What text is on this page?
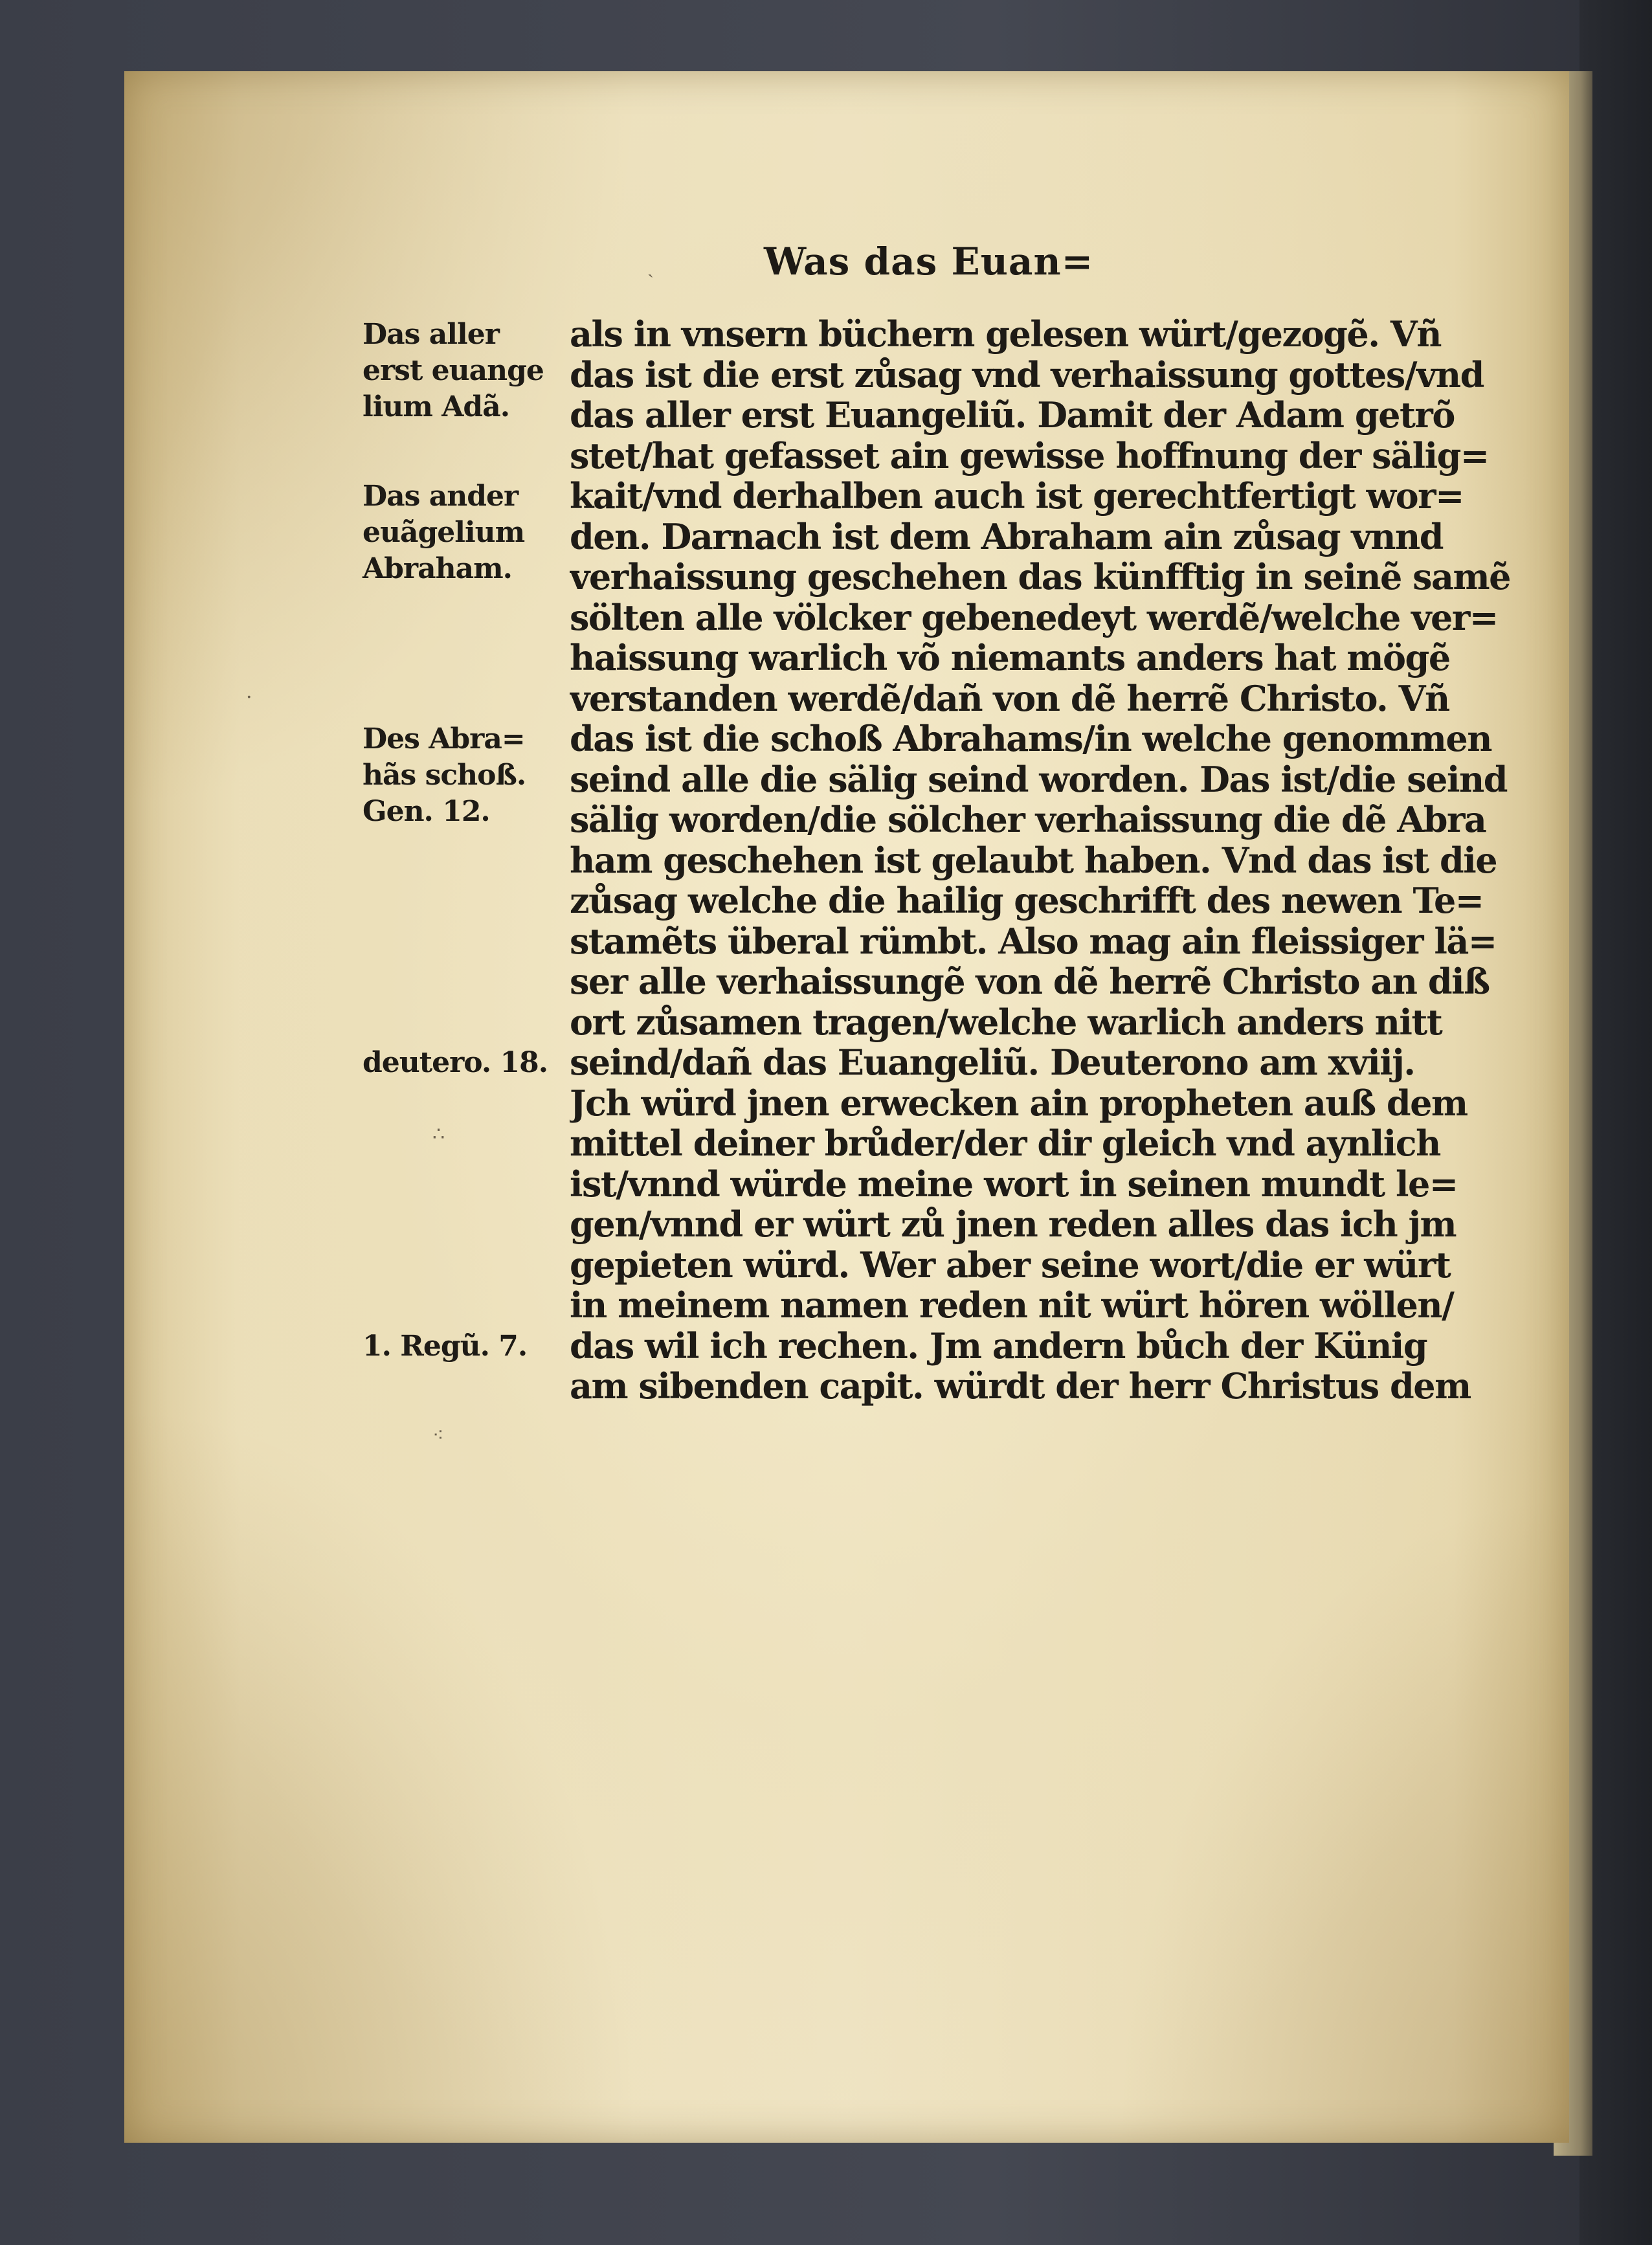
Was das Euan=
Das aller
erst euange
lium Adã.
Das ander
euãgelium
Abraham.
Des Abra=
hãs schoß.
Gen. 12.
deutero. 18.
1. Regũ. 7.
als in vnsern büchern gelesen würt/gezogẽ. Vñ
das ist die erst zůsag vnd verhaissung gottes/vnd
das aller erst Euangeliũ. Damit der Adam getrõ
stet/hat gefasset ain gewisse hoffnung der sälig=
kait/vnd derhalben auch ist gerechtfertigt wor=
den. Darnach ist dem Abraham ain zůsag vnnd
verhaissung geschehen das künfftig in seinẽ samẽ
sölten alle völcker gebenedeyt werdẽ/welche ver=
haissung warlich võ niemants anders hat mögẽ
verstanden werdẽ/dañ von dẽ herrẽ Christo. Vñ
das ist die schoß Abrahams/in welche genommen
seind alle die sälig seind worden. Das ist/die seind
sälig worden/die sölcher verhaissung die dẽ Abra
ham geschehen ist gelaubt haben. Vnd das ist die
zůsag welche die hailig geschrifft des newen Te=
stamẽts überal rümbt. Also mag ain fleissiger lä=
ser alle verhaissungẽ von dẽ herrẽ Christo an diß
ort zůsamen tragen/welche warlich anders nitt
seind/dañ das Euangeliũ. Deuterono am xviij.
Jch würd jnen erwecken ain propheten auß dem
mittel deiner brůder/der dir gleich vnd aynlich
ist/vnnd würde meine wort in seinen mundt le=
gen/vnnd er würt zů jnen reden alles das ich jm
gepieten würd. Wer aber seine wort/die er würt
in meinem namen reden nit würt hören wöllen/
das wil ich rechen. Jm andern bůch der Künig
am sibenden capit. würdt der herr Christus dem
ˎ
·
∴
⁖
